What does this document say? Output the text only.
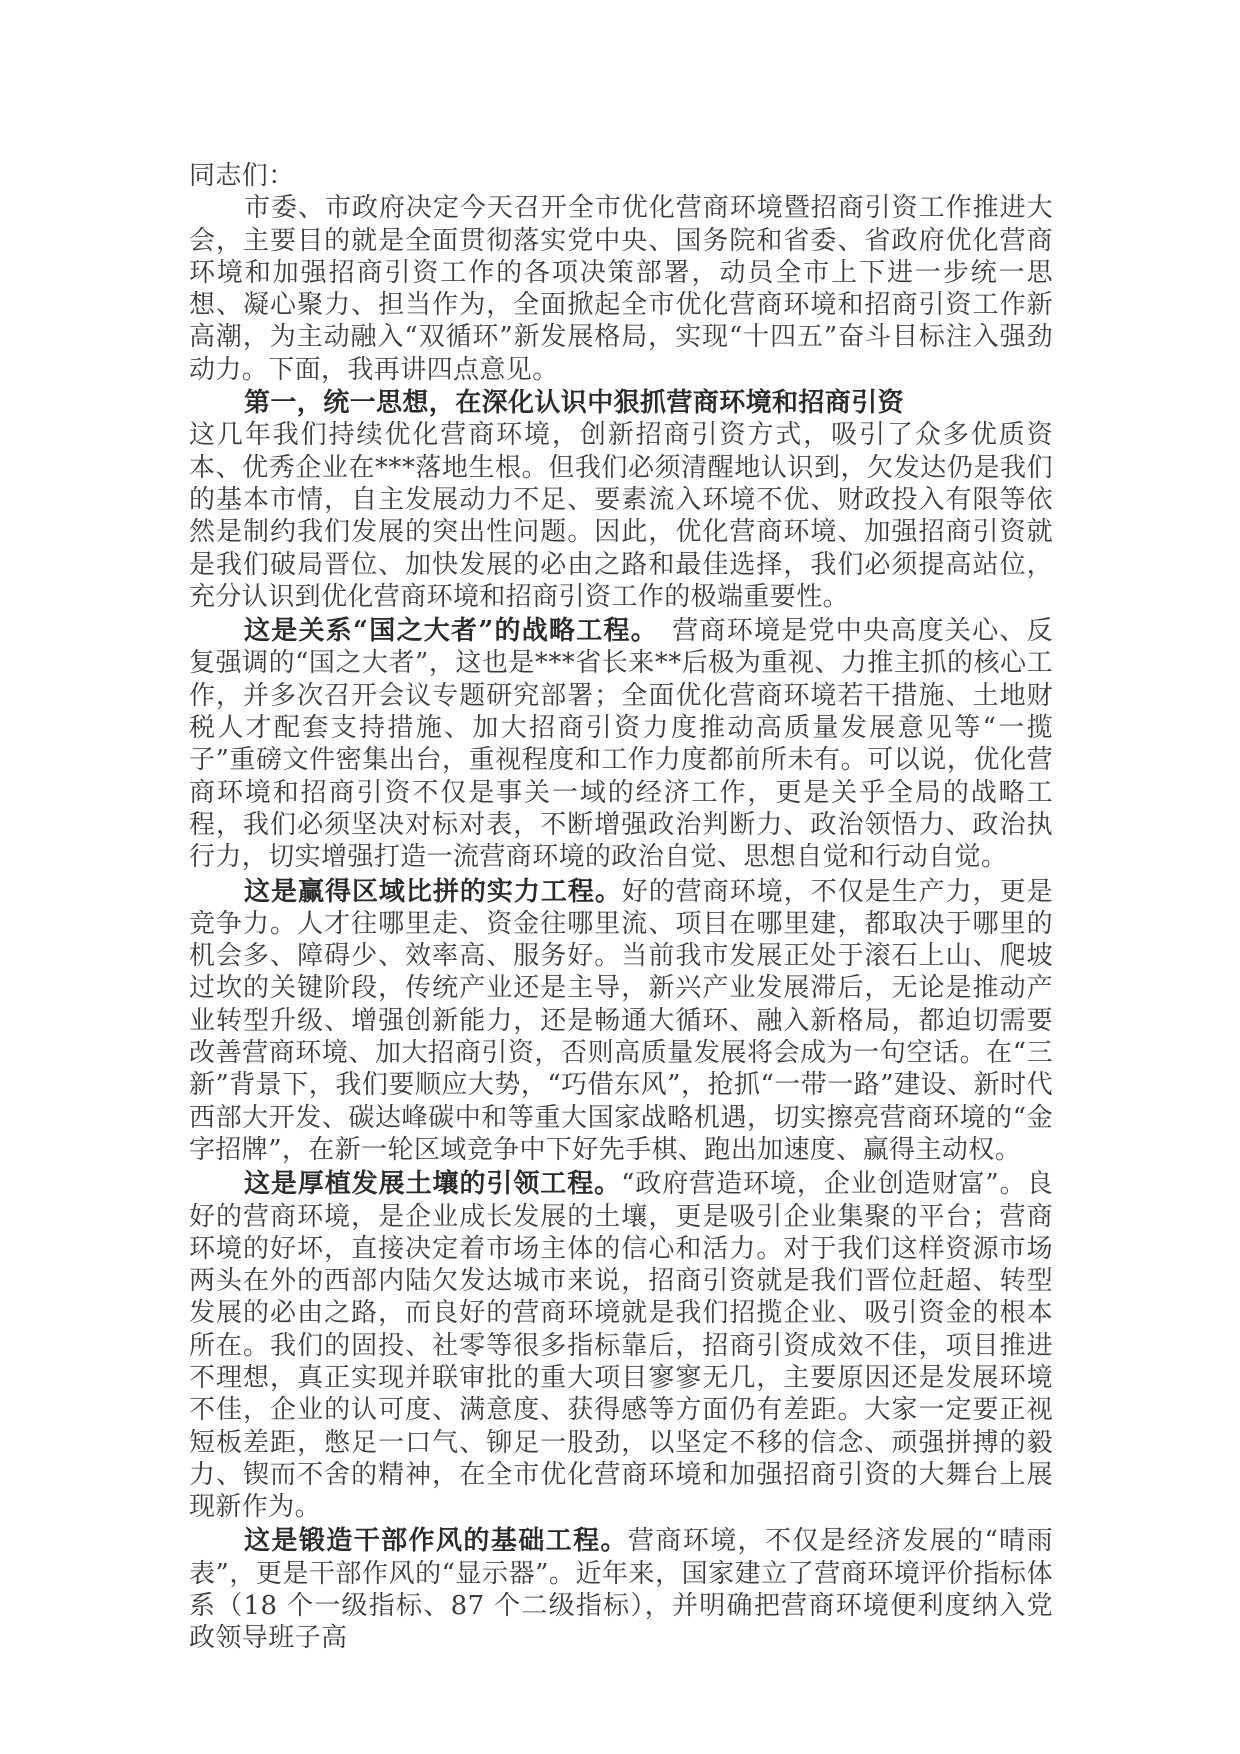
同志们：

市委、市政府决定今天召开全市优化营商环境暨招商引资工作推进大会，主要目的就是全面贯彻落实党中央、国务院和省委、省政府优化营商环境和加强招商引资工作的各项决策部署，动员全市上下进一步统一思想、凝心聚力、担当作为，全面掀起全市优化营商环境和招商引资工作新高潮，为主动融入“双循环”新发展格局，实现“十四五”奋斗目标注入强劲动力。下面，我再讲四点意见。

第一，统一思想，在深化认识中狠抓营商环境和招商引资

这几年我们持续优化营商环境，创新招商引资方式，吸引了众多优质资本、优秀企业在***落地生根。但我们必须清醒地认识到，欠发达仍是我们的基本市情，自主发展动力不足、要素流入环境不优、财政投入有限等依然是制约我们发展的突出性问题。因此，优化营商环境、加强招商引资就是我们破局晋位、加快发展的必由之路和最佳选择，我们必须提高站位，充分认识到优化营商环境和招商引资工作的极端重要性。

这是关系“国之大者”的战略工程。　营商环境是党中央高度关心、反复强调的“国之大者”，这也是***省长来**后极为重视、力推主抓的核心工作，并多次召开会议专题研究部署；全面优化营商环境若干措施、土地财税人才配套支持措施、加大招商引资力度推动高质量发展意见等“一揽子”重磅文件密集出台，重视程度和工作力度都前所未有。可以说，优化营商环境和招商引资不仅是事关一域的经济工作，更是关乎全局的战略工程，我们必须坚决对标对表，不断增强政治判断力、政治领悟力、政治执行力，切实增强打造一流营商环境的政治自觉、思想自觉和行动自觉。

这是赢得区域比拼的实力工程。好的营商环境，不仅是生产力，更是竞争力。人才往哪里走、资金往哪里流、项目在哪里建，都取决于哪里的机会多、障碍少、效率高、服务好。当前我市发展正处于滚石上山、爬坡过坎的关键阶段，传统产业还是主导，新兴产业发展滞后，无论是推动产业转型升级、增强创新能力，还是畅通大循环、融入新格局，都迫切需要改善营商环境、加大招商引资，否则高质量发展将会成为一句空话。在“三新”背景下，我们要顺应大势，“巧借东风”，抢抓“一带一路”建设、新时代西部大开发、碳达峰碳中和等重大国家战略机遇，切实擦亮营商环境的“金字招牌”，在新一轮区域竞争中下好先手棋、跑出加速度、赢得主动权。

这是厚植发展土壤的引领工程。“政府营造环境，企业创造财富”。良好的营商环境，是企业成长发展的土壤，更是吸引企业集聚的平台；营商环境的好坏，直接决定着市场主体的信心和活力。对于我们这样资源市场两头在外的西部内陆欠发达城市来说，招商引资就是我们晋位赶超、转型发展的必由之路，而良好的营商环境就是我们招揽企业、吸引资金的根本所在。我们的固投、社零等很多指标靠后，招商引资成效不佳，项目推进不理想，真正实现并联审批的重大项目寥寥无几，主要原因还是发展环境不佳，企业的认可度、满意度、获得感等方面仍有差距。大家一定要正视短板差距，憋足一口气、铆足一股劲，以坚定不移的信念、顽强拼搏的毅力、锲而不舍的精神，在全市优化营商环境和加强招商引资的大舞台上展现新作为。

这是锻造干部作风的基础工程。营商环境，不仅是经济发展的“晴雨表”，更是干部作风的“显示器”。近年来，国家建立了营商环境评价指标体系（18 个一级指标、87 个二级指标），并明确把营商环境便利度纳入党政领导班子高
